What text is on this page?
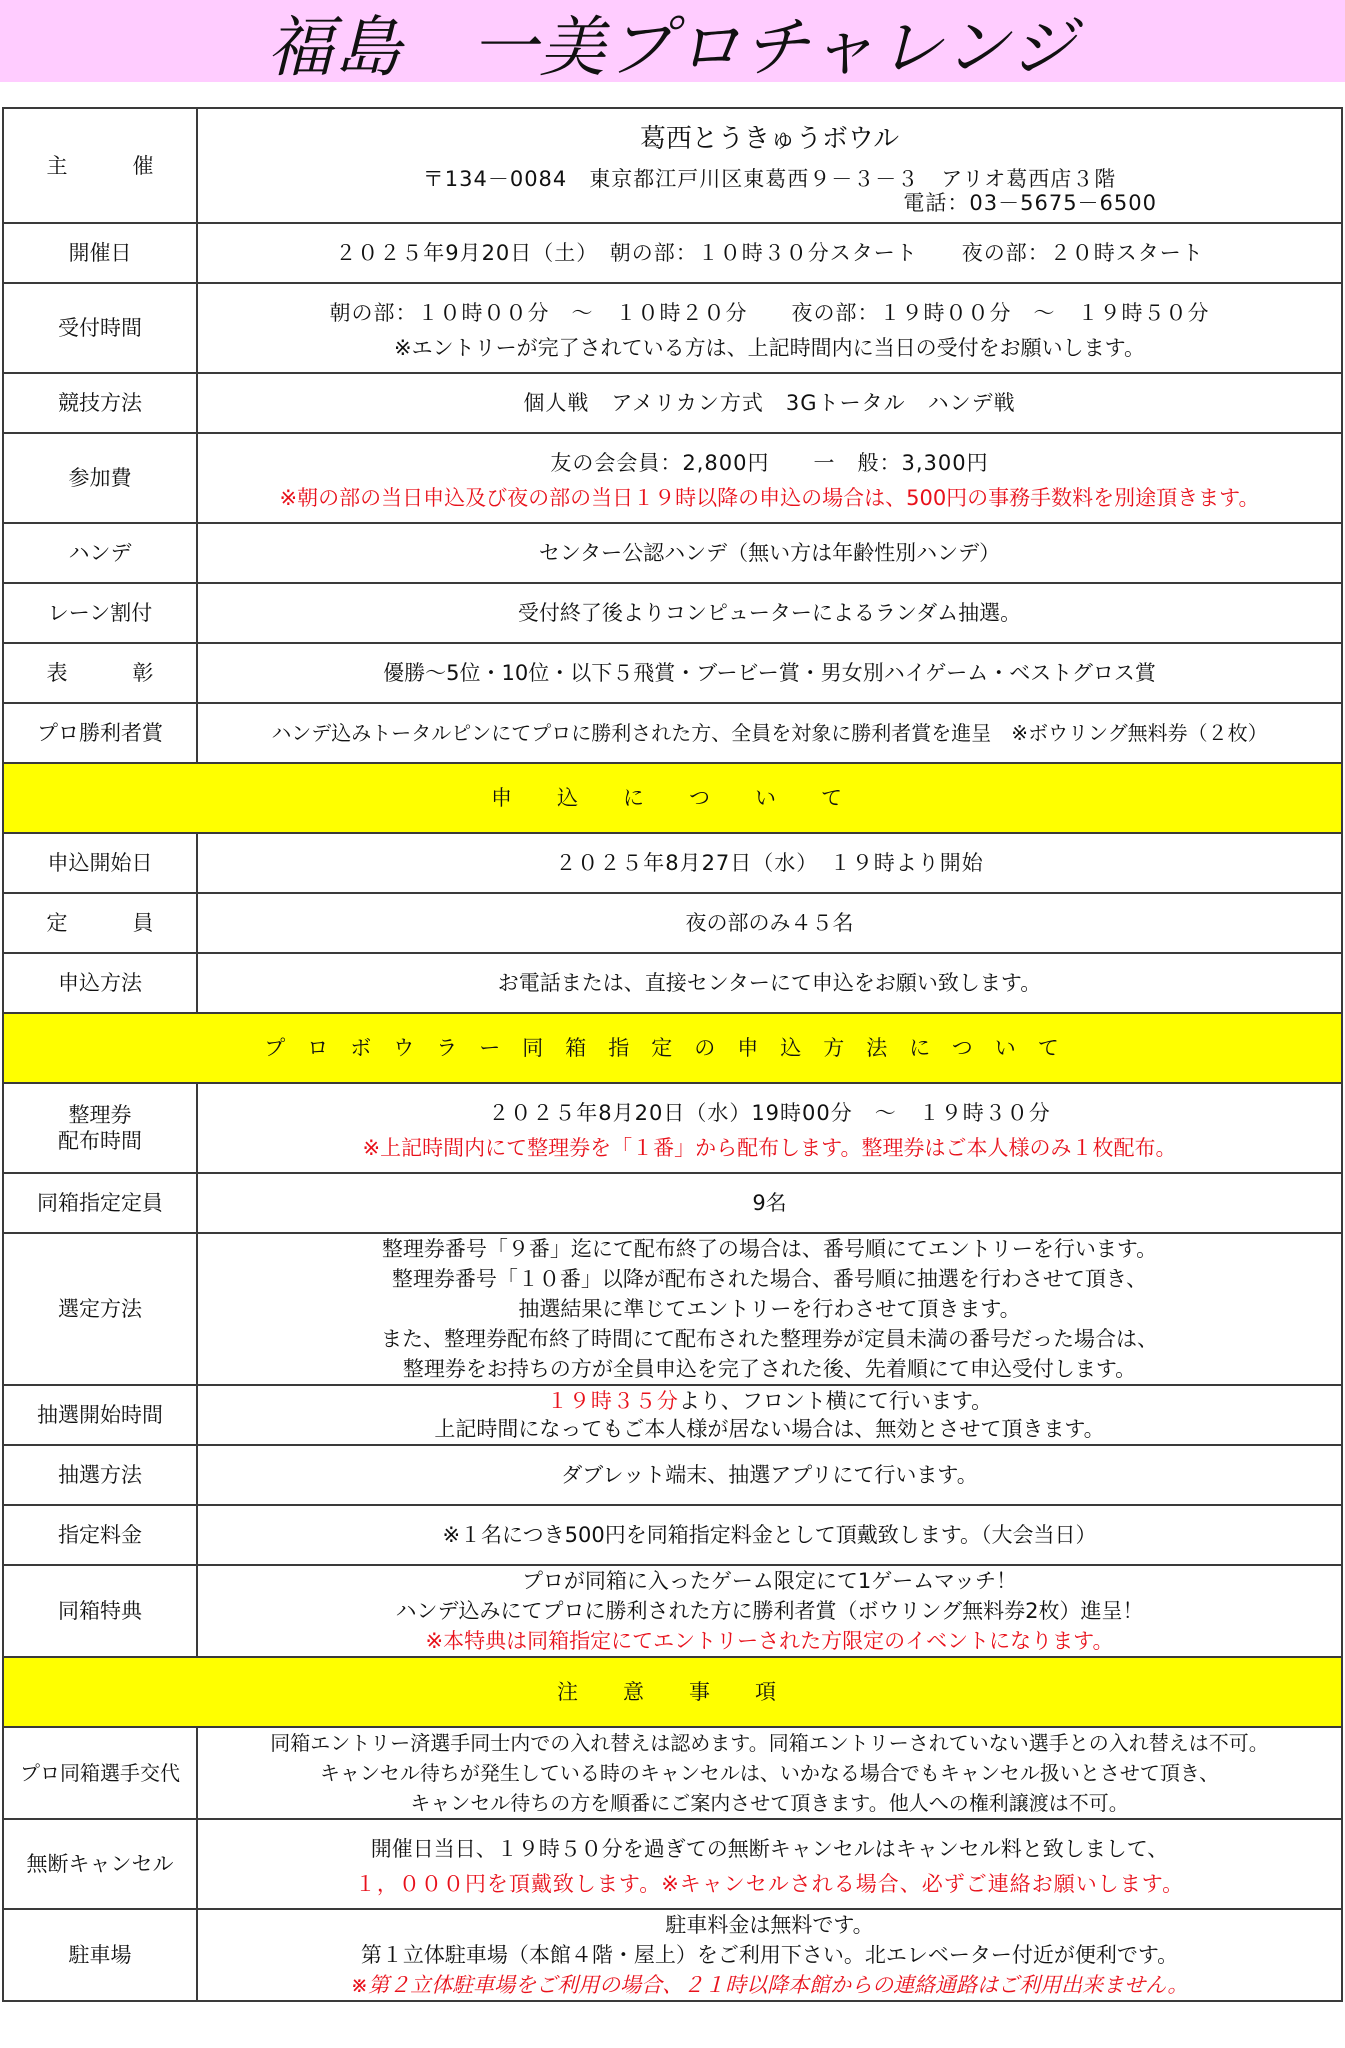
福島　一美プロチャレンジ
主　催	葛西とうきゅうボウル
〒134－0084　東京都江戸川区東葛西９－３－３　アリオ葛西店３階
電話：03－5675－6500

開催日	２０２５年9月20日（土）　朝の部：１０時３０分スタート　　夜の部：２０時スタート
受付時間	朝の部：１０時００分　～　１０時２０分　　夜の部：１９時００分　～　１９時５０分
※エントリーが完了されている方は、上記時間内に当日の受付をお願いします。

競技方法	個人戦　アメリカン方式　3Gトータル　ハンデ戦
参加費	友の会会員：2,800円　　一　般：3,300円
※朝の部の当日申込及び夜の部の当日１９時以降の申込の場合は、500円の事務手数料を別途頂きます。

ハンデ	センター公認ハンデ（無い方は年齢性別ハンデ）
レーン割付	受付終了後よりコンピューターによるランダム抽選。
表　彰	優勝～5位・10位・以下５飛賞・ブービー賞・男女別ハイゲーム・ベストグロス賞
プロ勝利者賞	ハンデ込みトータルピンにてプロに勝利された方、全員を対象に勝利者賞を進呈　※ボウリング無料券（２枚）
申　込　に　つ　い　て	
申込開始日	２０２５年8月27日（水）　１９時より開始
定　員	夜の部のみ４５名
申込方法	お電話または、直接センターにて申込をお願い致します。
プロボウラー同箱指定の申込方法について	

整理券
配布時間	２０２５年8月20日（水）19時00分　～　１９時３０分
※上記時間内にて整理券を「１番」から配布します。整理券はご本人様のみ１枚配布。

同箱指定定員	9名
選定方法	整理券番号「９番」迄にて配布終了の場合は、番号順にてエントリーを行います。
整理券番号「１０番」以降が配布された場合、番号順に抽選を行わさせて頂き、
抽選結果に準じてエントリーを行わさせて頂きます。
また、整理券配布終了時間にて配布された整理券が定員未満の番号だった場合は、
整理券をお持ちの方が全員申込を完了された後、先着順にて申込受付します。

抽選開始時間	１９時３５分より、フロント横にて行います。
上記時間になってもご本人様が居ない場合は、無効とさせて頂きます。

抽選方法	ダブレット端末、抽選アプリにて行います。
指定料金	※１名につき500円を同箱指定料金として頂戴致します。（大会当日）
同箱特典	プロが同箱に入ったゲーム限定にて1ゲームマッチ！
ハンデ込みにてプロに勝利された方に勝利者賞（ボウリング無料券2枚）進呈！
※本特典は同箱指定にてエントリーされた方限定のイベントになります。

注　意　事　項	
プロ同箱選手交代	同箱エントリー済選手同士内での入れ替えは認めます。同箱エントリーされていない選手との入れ替えは不可。
キャンセル待ちが発生している時のキャンセルは、いかなる場合でもキャンセル扱いとさせて頂き、
キャンセル待ちの方を順番にご案内させて頂きます。他人への権利譲渡は不可。

無断キャンセル	開催日当日、１９時５０分を過ぎての無断キャンセルはキャンセル料と致しまして、
１，０００円を頂戴致します。※キャンセルされる場合、必ずご連絡お願いします。

駐車場	駐車料金は無料です。
第１立体駐車場（本館４階・屋上）をご利用下さい。北エレベーター付近が便利です。
※第２立体駐車場をご利用の場合、２１時以降本館からの連絡通路はご利用出来ません。
